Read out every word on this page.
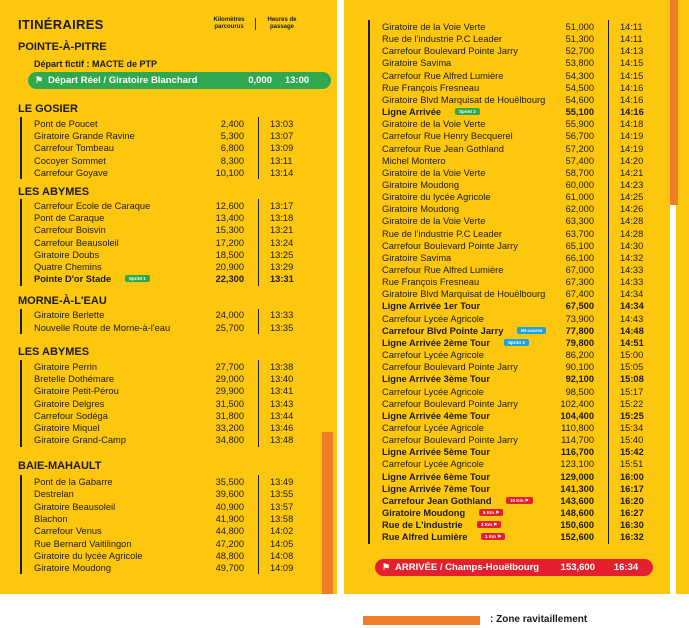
ITINÉRAIRES	Kilomètres parcourus
Heures de passage
POINTE-À-PITRE
Départ fictif : MACTE de PTP
⚑ Départ Réel / Giratoire Blanchard	0,000	13:00
LE GOSIER
Pont de Poucet	2,400	13:03
Giratoire Grande Ravine	5,300	13:07
Carrefour Tombeau	6,800	13:09
Cocoyer Sommet	8,300	13:11
Carrefour Goyave	10,100	13:14
LES ABYMES
Carrefour Ecole de Caraque	12,600	13:17
Pont de Caraque	13,400	13:18
Carrefour Boisvin	15,300	13:21
Carrefour Beausoleil	17,200	13:24
Giratoire Doubs	18,500	13:25
Quatre Chemins	20,900	13:29
Pointe D'or Stade	Sprint 1	22,300	13:31
MORNE-À-L'EAU
Giratoire Berlette	24,000	13:33
Nouvelle Route de Morne-à-l'eau	25,700	13:35
LES ABYMES
Giratoire Perrin	27,700	13:38
Bretelle Dothémare	29,000	13:40
Giratoire Petit-Pérou	29,900	13:41
Giratoire Delgres	31,500	13:43
Carrefour Sodéga	31,800	13:44
Giratoire Miquel	33,200	13:46
Giratoire Grand-Camp	34,800	13:48
BAIE-MAHAULT
Pont de la Gabarre	35,500	13:49
Destrelan	39,600	13:55
Giratoire Beausoleil	40,900	13:57
Blachon	41,900	13:58
Carrefour Venus	44,800	14:02
Rue Bernard Vaitilingon	47,200	14:05
Giratoire du lycée Agricole	48,800	14:08
Giratoire Moudong	49,700	14:09
Giratoire de la Voie Verte	51,000	14:11
Rue de l'industrie P.C Leader	51,300	14:11
Carrefour Boulevard Pointe Jarry	52,700	14:13
Giratoire Savima	53,800	14:15
Carrefour Rue Alfred Lumière	54,300	14:15
Rue François Fresneau	54,500	14:16
Giratoire Blvd Marquisat de Houëlbourg	54,600	14:16
Ligne Arrivée	Sprint 2	55,100	14:16
Giratoire de la Voie Verte	55,900	14:18
Carrefour Rue Henry Becquerel	56,700	14:19
Carrefour Rue Jean Gothland	57,200	14:19
Michel Montero	57,400	14:20
Giratoire de la Voie Verte	58,700	14:21
Giratoire Moudong	60,000	14:23
Giratoire du lycée Agricole	61,000	14:25
Giratoire Moudong	62,000	14:26
Giratoire de la Voie Verte	63,300	14:28
Rue de l'industrie P.C Leader	63,700	14:28
Carrefour Boulevard Pointe Jarry	65,100	14:30
Giratoire Savima	66,100	14:32
Carrefour Rue Alfred Lumière	67,000	14:33
Rue François Fresneau	67,300	14:33
Giratoire Blvd Marquisat de Houëlbourg	67,400	14:34
Ligne Arrivée 1er Tour	67,500	14:34
Carrefour Lycée Agricole	73,900	14:43
Carrefour Blvd Pointe Jarry	MI-course	77,800	14:48
Ligne Arrivée 2ème Tour	Sprint 3	79,800	14:51
Carrefour Lycée Agricole	86,200	15:00
Carrefour Boulevard Pointe Jarry	90,100	15:05
Ligne Arrivée 3ème Tour	92,100	15:08
Carrefour Lycée Agricole	98,500	15:17
Carrefour Boulevard Pointe Jarry	102,400	15:22
Ligne Arrivée 4ème Tour	104,400	15:25
Carrefour Lycée Agricole	110,800	15:34
Carrefour Boulevard Pointe Jarry	114,700	15:40
Ligne Arrivée 5ème Tour	116,700	15:42
Carrefour Lycée Agricole	123,100	15:51
Ligne Arrivée 6ème Tour	129,000	16:00
Ligne Arrivée 7ème Tour	141,300	16:17
Carrefour Jean Gothland	10 Km ⚑	143,600	16:20
Giratoire Moudong	5 Km ⚑	148,600	16:27
Rue de L'industrie	3 Km ⚑	150,600	16:30
Rue Alfred Lumière	1 Km ⚑	152,600	16:32
⚑ ARRIVÉE / Champs-Houëlbourg	153,600	16:34
: Zone ravitaillement
